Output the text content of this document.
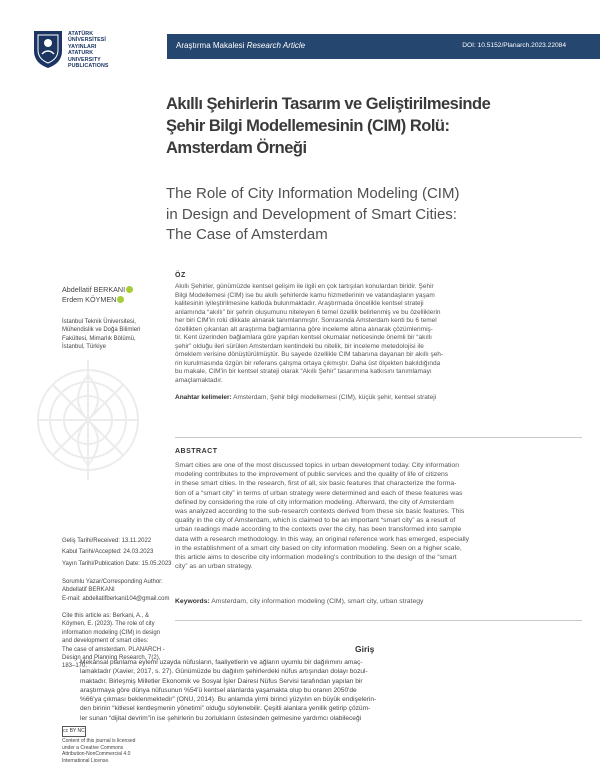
ATATÜRK
ÜNİVERSİTESİ
YAYINLARI
ATATURK
UNIVERSITY
PUBLICATIONS
Araştırma Makalesi Research Article	DOI: 10.5152/Planarch.2023.22084
Akıllı Şehirlerin Tasarım ve Geliştirilmesinde
Şehir Bilgi Modellemesinin (CIM) Rolü:
Amsterdam Örneği
The Role of City Information Modeling (CIM)
in Design and Development of Smart Cities:
The Case of Amsterdam
Abdellatif BERKANI
Erdem KÖYMEN
İstanbul Teknik Üniversitesi,
Mühendislik ve Doğa Bilimleri
Fakültesi, Mimarlık Bölümü,
İstanbul, Türkiye
Geliş Tarihi/Received: 13.11.2022
Kabul Tarihi/Accepted: 24.03.2023
Yayın Tarihi/Publication Date: 15.05.2023
Sorumlu Yazar/Corresponding Author:
Abdellatif BERKANI
E-mail: abdellatifberkani104@gmail.com
Cite this article as: Berkani, A., &
Köymen, E. (2023). The role of city
information modeling (CIM) in design
and development of smart cities:
The case of amsterdam. PLANARCH -
Design and Planning Research, 7(2),
183–170.
cc BY NC
Content of this journal is licensed
under a Creative Commons
Attribution-NonCommercial 4.0
International License.
ÖZ
Akıllı Şehirler, günümüzde kentsel gelişim ile ilgili en çok tartışılan konulardan biridir. Şehir
Bilgi Modellemesi (CIM) ise bu akıllı şehirlerde kamu hizmetlerinin ve vatandaşların yaşam
kalitesinin iyileştirilmesine katkıda bulunmaktadır. Araştırmada öncelikle kentsel strateji
anlamında “akıllı” bir şehrin oluşumunu niteleyen 6 temel özellik belirlenmiş ve bu özelliklerin
her biri CIM'in rolü dikkate alınarak tanımlanmıştır. Sonrasında Amsterdam kenti bu 6 temel
özellikten çıkarılan alt araştırma bağlamlarına göre inceleme altına alınarak çözümlenmiş-
tir. Kent üzerinden bağlamlara göre yapılan kentsel okumalar neticesinde önemli bir “akıllı
şehir” olduğu ileri sürülen Amsterdam kentindeki bu nitelik, bir inceleme metedolojisi ile
örneklem verisine dönüştürülmüştür. Bu sayede özellikle CIM tabanına dayanan bir akıllı şeh-
rin kurulmasında özgün bir referans çalışma ortaya çıkmıştır. Daha üst ölçekten bakıldığında
bu makale, CIM'in bir kentsel strateji olarak “Akıllı Şehir” tasarımına katkısını tanımlamayı
amaçlamaktadır.
Anahtar kelimeler: Amsterdam, Şehir bilgi modellemesi (CIM), küçük şehir, kentsel strateji
ABSTRACT
Smart cities are one of the most discussed topics in urban development today. City information
modeling contributes to the improvement of public services and the quality of life of citizens
in these smart cities. In the research, first of all, six basic features that characterize the forma-
tion of a “smart city” in terms of urban strategy were determined and each of these features was
defined by considering the role of city information modeling. Afterward, the city of Amsterdam
was analyzed according to the sub-research contexts derived from these six basic features. This
quality in the city of Amsterdam, which is claimed to be an important “smart city” as a result of
urban readings made according to the contexts over the city, has been transformed into sample
data with a research methodology. In this way, an original reference work has emerged, especially
in the establishment of a smart city based on city information modeling. Seen on a higher scale,
this article aims to describe city information modeling's contribution to the design of the “smart
city” as an urban strategy.
Keywords: Amsterdam, city information modeling (CIM), smart city, urban strategy
Giriş
Mekânsal planlama eylemi uzayda nüfusların, faaliyetlerin ve ağların uyumlu bir dağılımını amaç-
lamaktadır (Xavier, 2017, s. 27). Günümüzde bu dağılım şehirlerdeki nüfus artışından dolayı bozul-
maktadır. Birleşmiş Milletler Ekonomik ve Sosyal İşler Dairesi Nüfus Servisi tarafından yapılan bir
araştırmaya göre dünya nüfusunun %54'ü kentsel alanlarda yaşamakta olup bu oranın 2050'de
%66'ya çıkması beklenmektedir” (ONU, 2014). Bu anlamda yirmi birinci yüzyılın en büyük endişelerin-
den birinin “kitlesel kentleşmenin yönetimi” olduğu söylenebilir. Çeşitli alanlara yenilik getirip çözüm-
ler sunan “dijital devrim”in ise şehirlerin bu zorlukların üstesinden gelmesine yardımcı olabileceği
